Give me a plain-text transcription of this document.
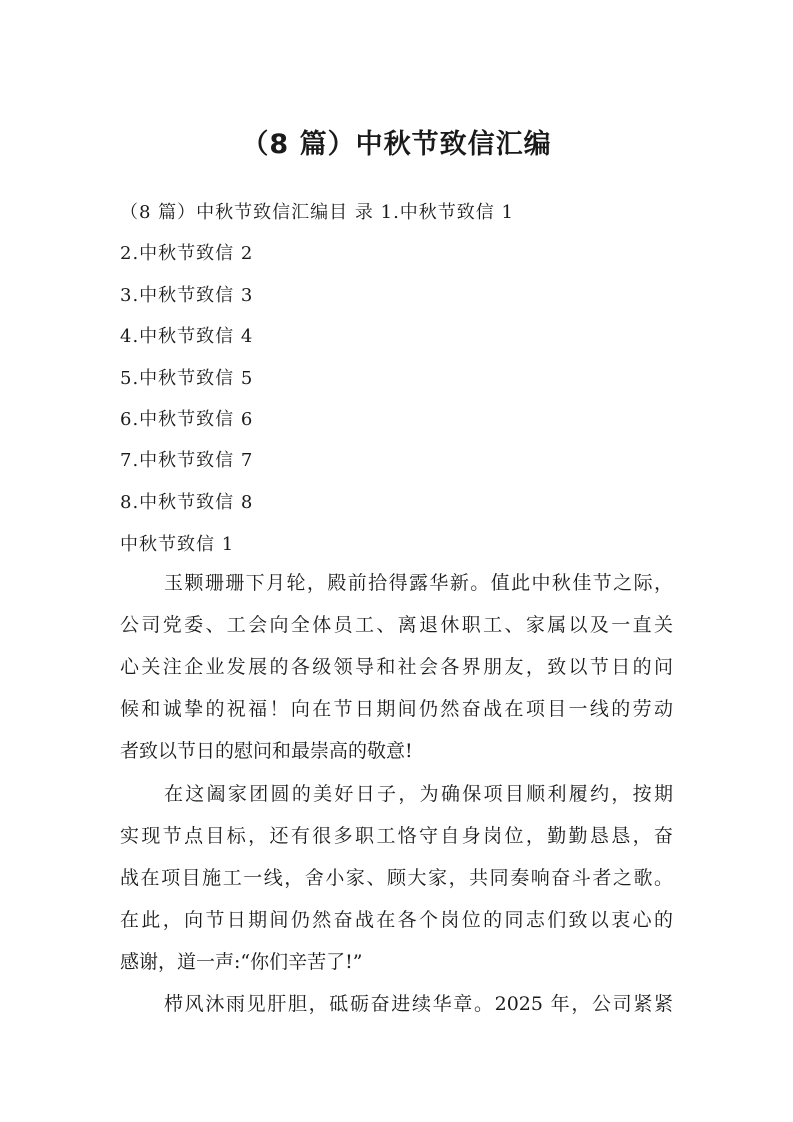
（8 篇）中秋节致信汇编
（8 篇）中秋节致信汇编目 录 1.中秋节致信 1
2.中秋节致信 2
3.中秋节致信 3
4.中秋节致信 4
5.中秋节致信 5
6.中秋节致信 6
7.中秋节致信 7
8.中秋节致信 8
中秋节致信 1
玉颗珊珊下月轮，殿前拾得露华新。值此中秋佳节之际，
公司党委、工会向全体员工、离退休职工、家属以及一直关
心关注企业发展的各级领导和社会各界朋友，致以节日的问
候和诚挚的祝福！向在节日期间仍然奋战在项目一线的劳动
者致以节日的慰问和最崇高的敬意!
在这阖家团圆的美好日子，为确保项目顺利履约，按期
实现节点目标，还有很多职工恪守自身岗位，勤勤恳恳，奋
战在项目施工一线，舍小家、顾大家，共同奏响奋斗者之歌。
在此，向节日期间仍然奋战在各个岗位的同志们致以衷心的
感谢，道一声:“你们辛苦了!”
栉风沐雨见肝胆，砥砺奋进续华章。2025 年，公司紧紧
